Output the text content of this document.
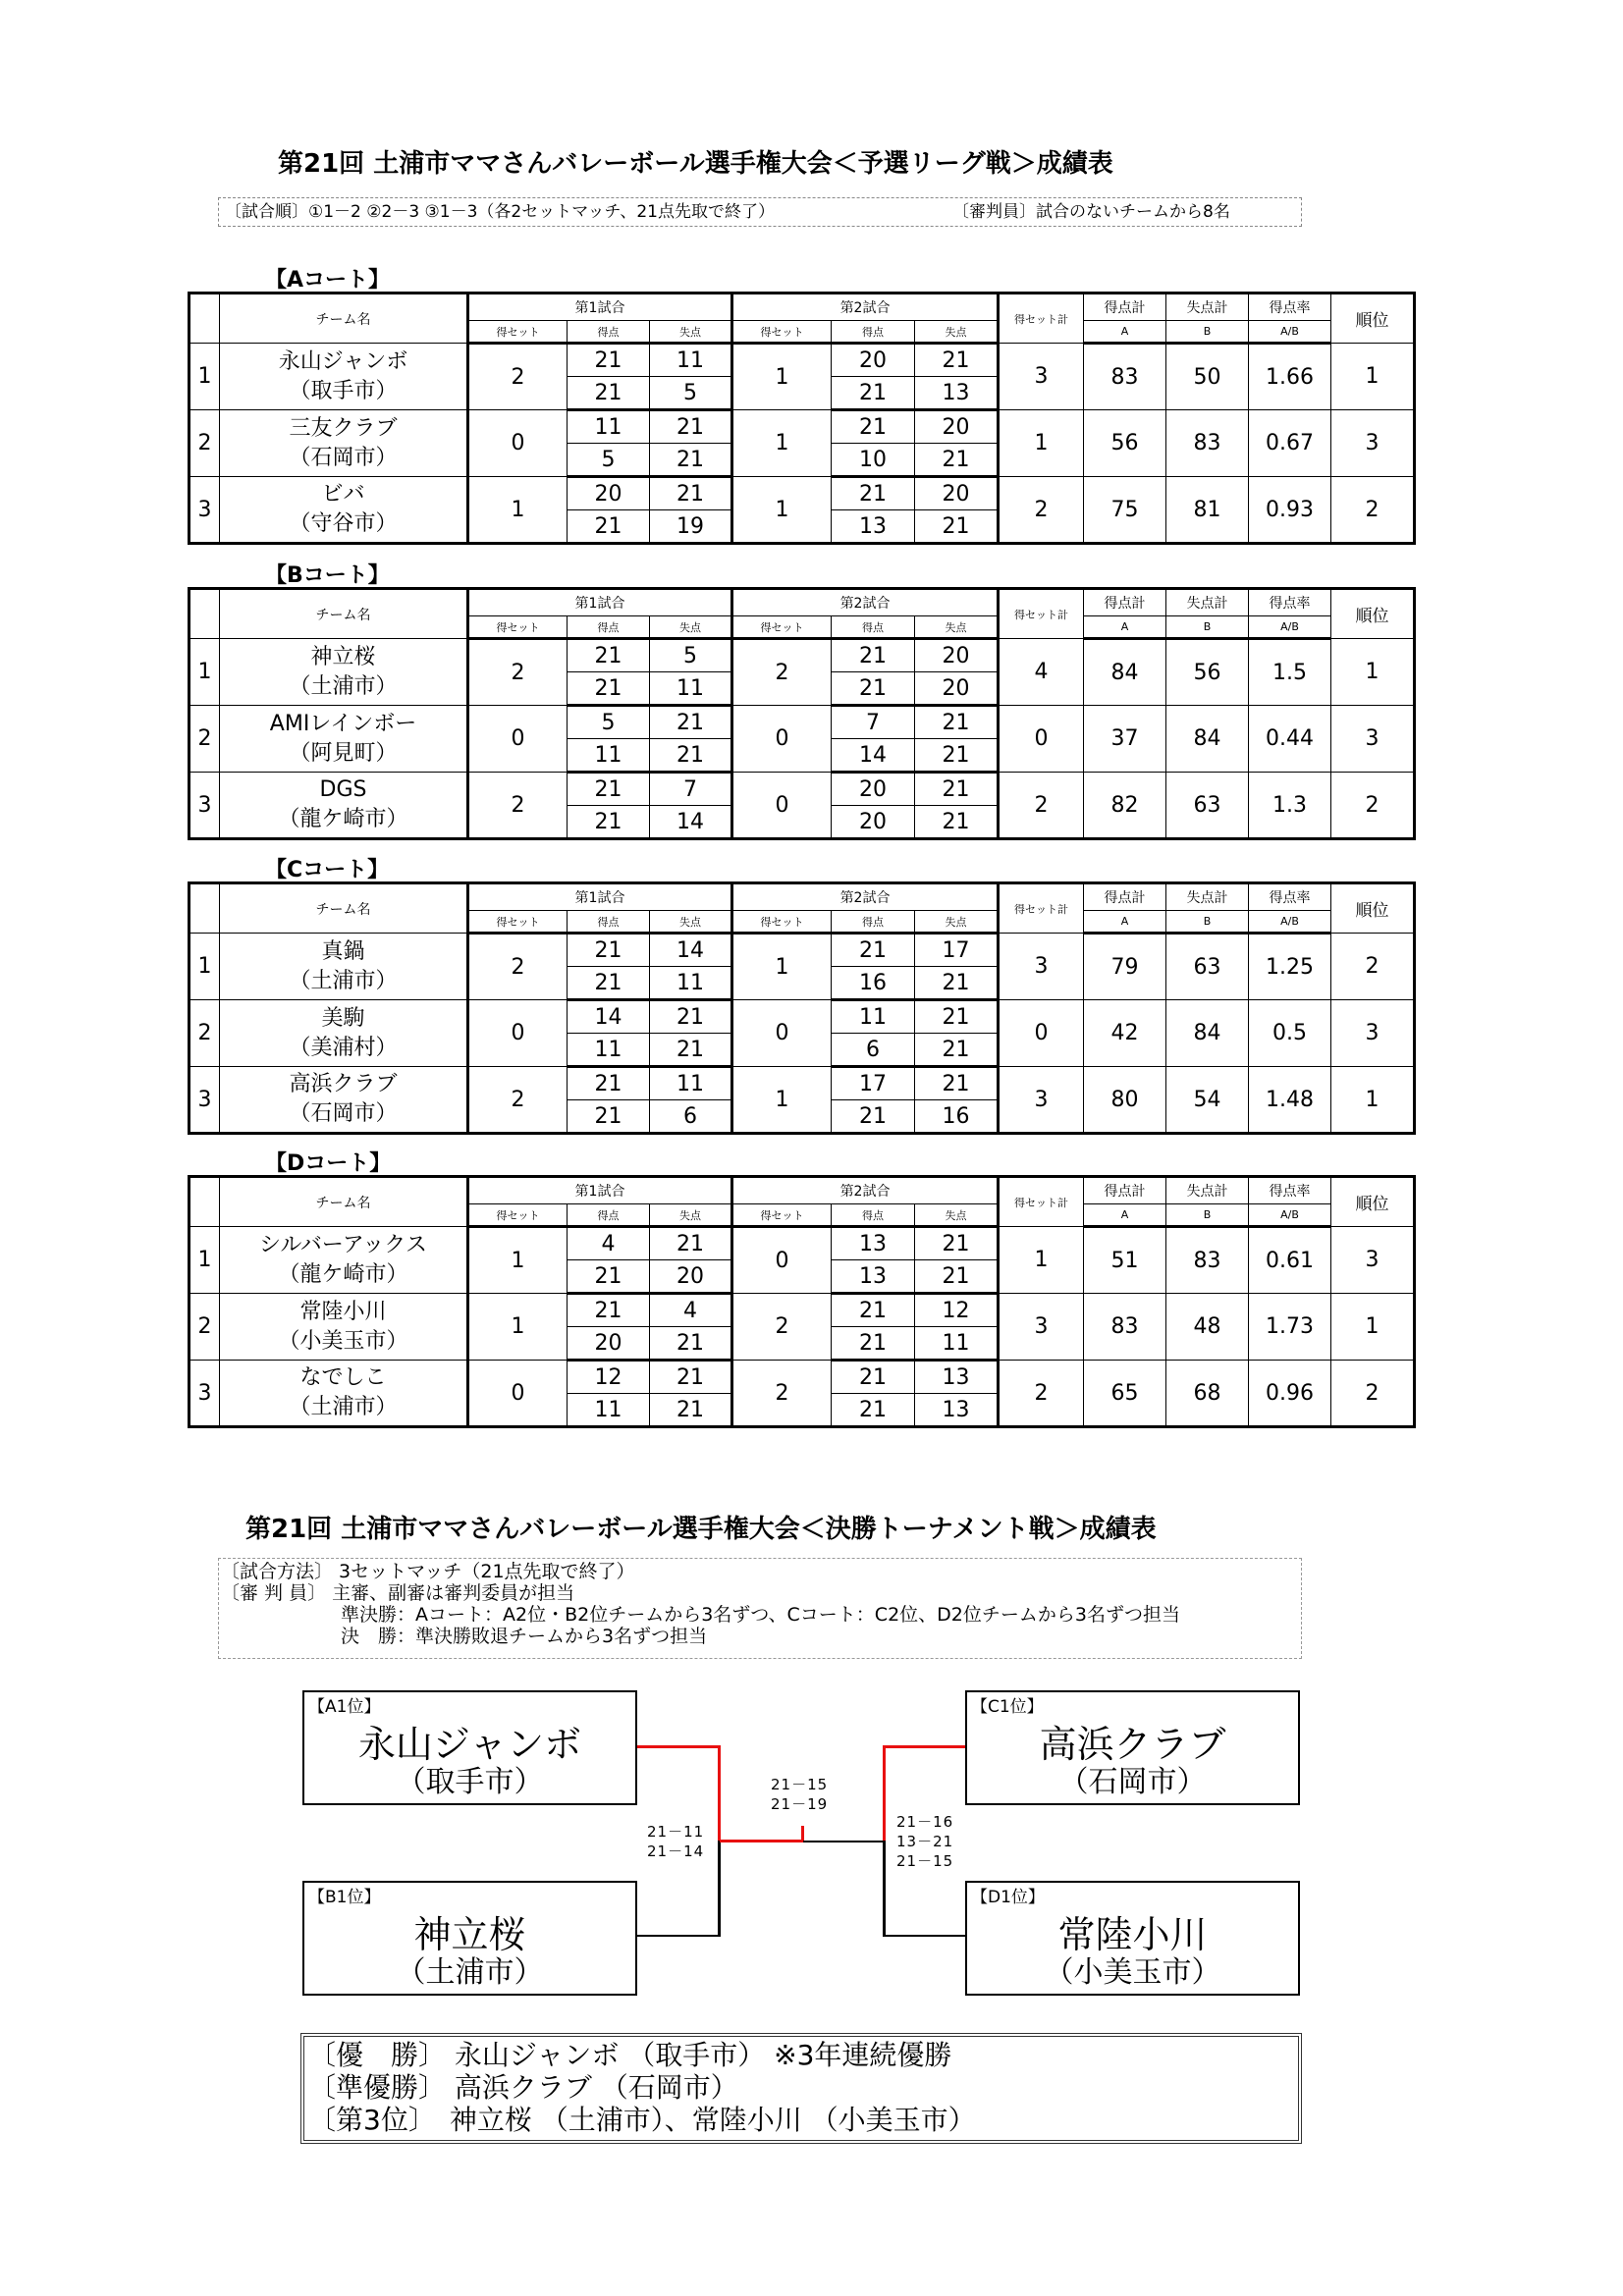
第21回 土浦市ママさんバレーボール選手権大会＜予選リーグ戦＞成績表
〔試合順〕①1－2 ②2－3 ③1－3（各2セットマッチ、21点先取で終了）	〔審判員〕試合のないチームから8名
【Aコート】
	チーム名	第1試合			第2試合			得セット計	得点計	失点計	得点率	順位
		得セット	得点	失点	得セット	得点	失点		A	B	A/B	
1	永山ジャンボ
（取手市）	2	21	11	1	20	21	3	83	50	1.66	1
			21	5		21	13					
2	三友クラブ
（石岡市）	0	11	21	1	21	20	1	56	83	0.67	3
			5	21		10	21					
3	ビバ
（守谷市）	1	20	21	1	21	20	2	75	81	0.93	2
			21	19		13	21					
【Bコート】
	チーム名	第1試合			第2試合			得セット計	得点計	失点計	得点率	順位
		得セット	得点	失点	得セット	得点	失点		A	B	A/B	
1	神立桜
（土浦市）	2	21	5	2	21	20	4	84	56	1.5	1
			21	11		21	20					
2	AMIレインボー
（阿見町）	0	5	21	0	7	21	0	37	84	0.44	3
			11	21		14	21					
3	DGS
（龍ケ崎市）	2	21	7	0	20	21	2	82	63	1.3	2
			21	14		20	21					
【Cコート】
	チーム名	第1試合			第2試合			得セット計	得点計	失点計	得点率	順位
		得セット	得点	失点	得セット	得点	失点		A	B	A/B	
1	真鍋
（土浦市）	2	21	14	1	21	17	3	79	63	1.25	2
			21	11		16	21					
2	美駒
（美浦村）	0	14	21	0	11	21	0	42	84	0.5	3
			11	21		6	21					
3	高浜クラブ
（石岡市）	2	21	11	1	17	21	3	80	54	1.48	1
			21	6		21	16					
【Dコート】
	チーム名	第1試合			第2試合			得セット計	得点計	失点計	得点率	順位
		得セット	得点	失点	得セット	得点	失点		A	B	A/B	
1	シルバーアックス
（龍ケ崎市）	1	4	21	0	13	21	1	51	83	0.61	3
			21	20		13	21					
2	常陸小川
（小美玉市）	1	21	4	2	21	12	3	83	48	1.73	1
			20	21		21	11					
3	なでしこ
（土浦市）	0	12	21	2	21	13	2	65	68	0.96	2
			11	21		21	13					
第21回 土浦市ママさんバレーボール選手権大会＜決勝トーナメント戦＞成績表
〔試合方法〕 3セットマッチ（21点先取で終了）
〔審 判 員〕 主審、副審は審判委員が担当
準決勝：Aコート：A2位・B2位チームから3名ずつ、Cコート：C2位、D2位チームから3名ずつ担当
決　勝：準決勝敗退チームから3名ずつ担当
【A1位】
永山ジャンボ
（取手市）
【B1位】
神立桜
（土浦市）
【C1位】
高浜クラブ
（石岡市）
【D1位】
常陸小川
（小美玉市）
21－11
21－14
21－15
21－19
21－16
13－21
21－15
〔優　勝〕 永山ジャンボ （取手市） ※3年連続優勝
〔準優勝〕 高浜クラブ （石岡市）
〔第3位〕　神立桜 （土浦市）、常陸小川 （小美玉市）
